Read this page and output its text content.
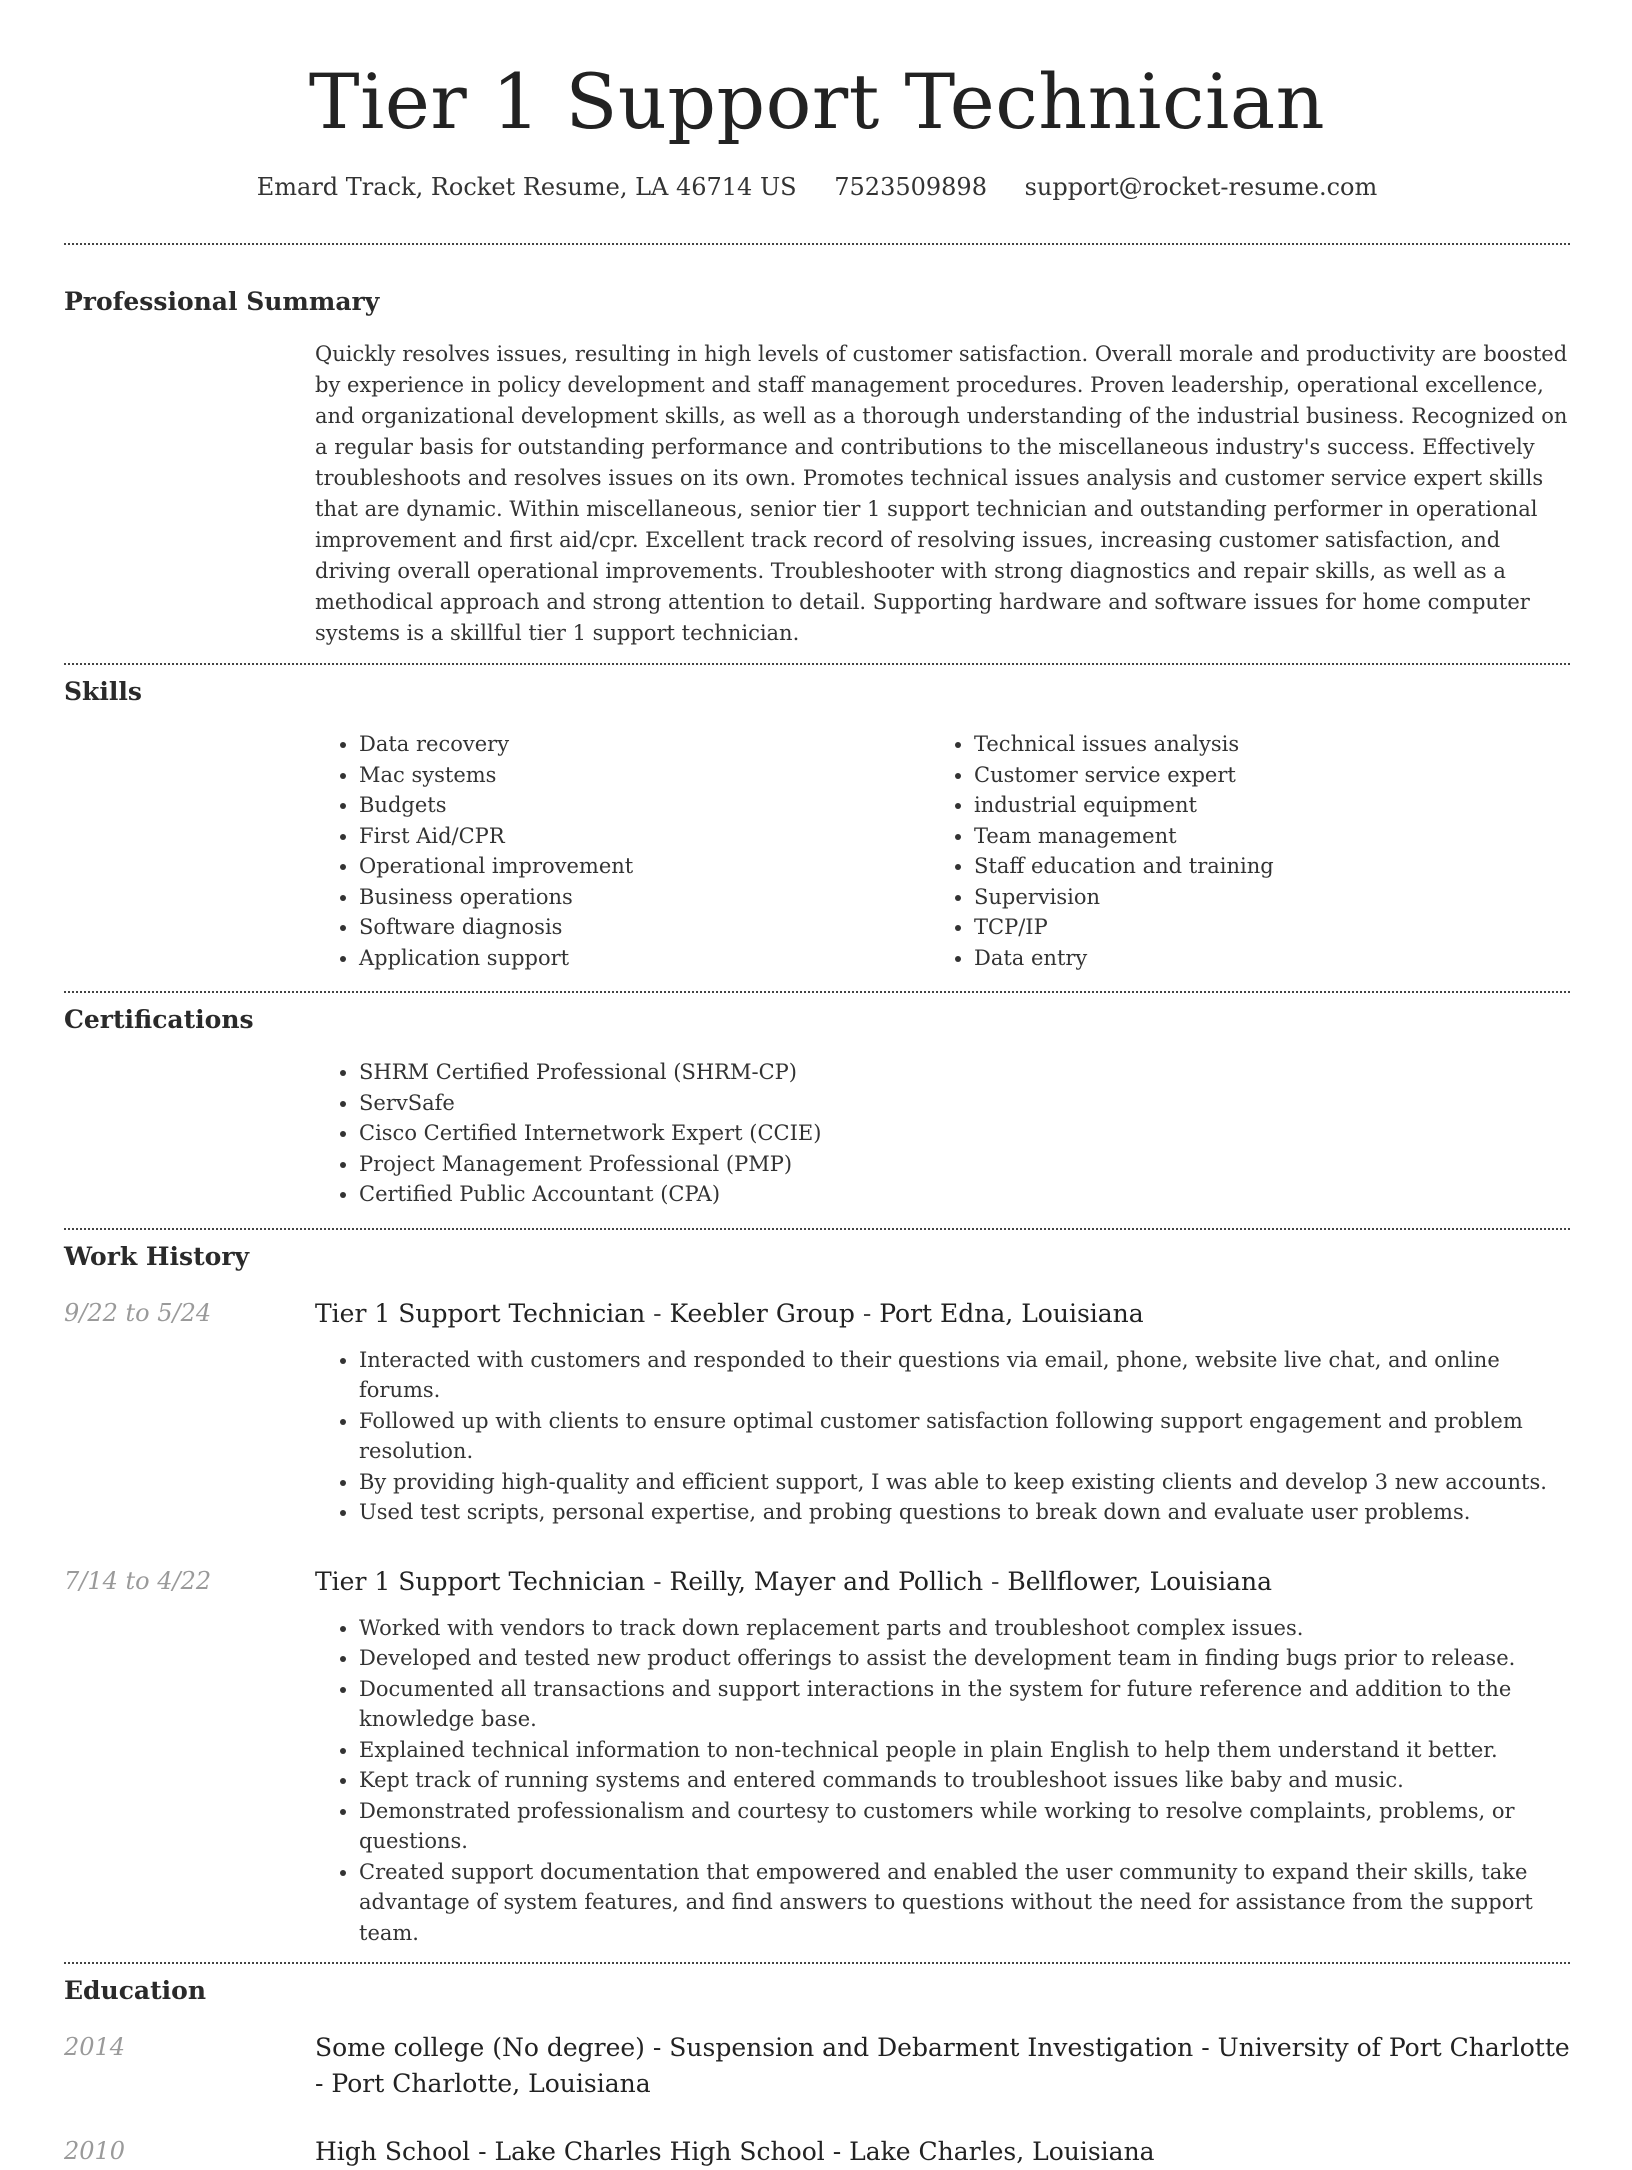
Tier 1 Support Technician
Emard Track, Rocket Resume, LA 46714 US 7523509898 support@rocket-resume.com
Professional Summary

Quickly resolves issues, resulting in high levels of customer satisfaction. Overall morale and productivity are boosted by experience in policy development and staff management procedures. Proven leadership, operational excellence, and organizational development skills, as well as a thorough understanding of the industrial business. Recognized on a regular basis for outstanding performance and contributions to the miscellaneous industry's success. Effectively troubleshoots and resolves issues on its own. Promotes technical issues analysis and customer service expert skills that are dynamic. Within miscellaneous, senior tier 1 support technician and outstanding performer in operational improvement and first aid/cpr. Excellent track record of resolving issues, increasing customer satisfaction, and driving overall operational improvements. Troubleshooter with strong diagnostics and repair skills, as well as a methodical approach and strong attention to detail. Supporting hardware and software issues for home computer systems is a skillful tier 1 support technician.

Skills
• Data recovery
• Mac systems
• Budgets
• First Aid/CPR
• Operational improvement
• Business operations
• Software diagnosis
• Application support
• Technical issues analysis
• Customer service expert
• industrial equipment
• Team management
• Staff education and training
• Supervision
• TCP/IP
• Data entry
Certifications
• SHRM Certified Professional (SHRM-CP)
• ServSafe
• Cisco Certified Internetwork Expert (CCIE)
• Project Management Professional (PMP)
• Certified Public Accountant (CPA)
Work History
9/22 to 5/24	Tier 1 Support Technician - Keebler Group - Port Edna, Louisiana
• Interacted with customers and responded to their questions via email, phone, website live chat, and online forums.
• Followed up with clients to ensure optimal customer satisfaction following support engagement and problem resolution.
• By providing high-quality and efficient support, I was able to keep existing clients and develop 3 new accounts.
• Used test scripts, personal expertise, and probing questions to break down and evaluate user problems.
7/14 to 4/22	Tier 1 Support Technician - Reilly, Mayer and Pollich - Bellflower, Louisiana
• Worked with vendors to track down replacement parts and troubleshoot complex issues.
• Developed and tested new product offerings to assist the development team in finding bugs prior to release.
• Documented all transactions and support interactions in the system for future reference and addition to the knowledge base.
• Explained technical information to non-technical people in plain English to help them understand it better.
• Kept track of running systems and entered commands to troubleshoot issues like baby and music.
• Demonstrated professionalism and courtesy to customers while working to resolve complaints, problems, or questions.
• Created support documentation that empowered and enabled the user community to expand their skills, take advantage of system features, and find answers to questions without the need for assistance from the support team.
Education
2014	Some college (No degree) - Suspension and Debarment Investigation - University of Port Charlotte - Port Charlotte, Louisiana
2010	High School - Lake Charles High School - Lake Charles, Louisiana
